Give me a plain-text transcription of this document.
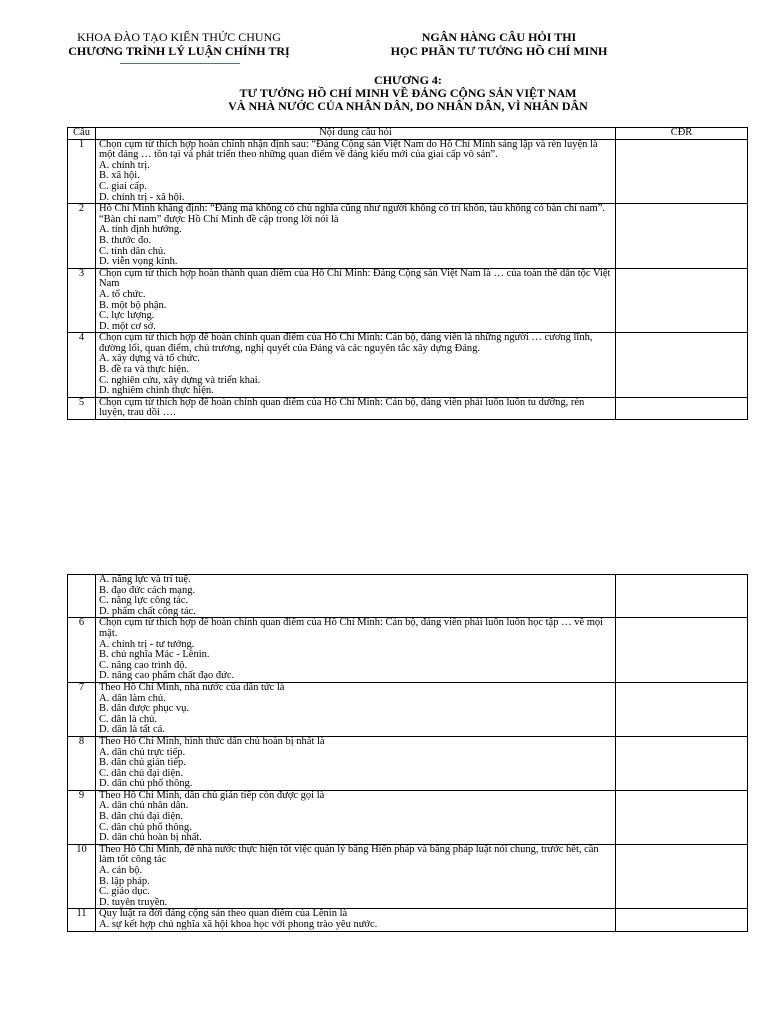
KHOA ĐÀO TẠO KIẾN THỨC CHUNG
CHƯƠNG TRÌNH LÝ LUẬN CHÍNH TRỊ
NGÂN HÀNG CÂU HỎI THI
HỌC PHẦN TƯ TƯỞNG HỒ CHÍ MINH
CHƯƠNG 4:
TƯ TƯỞNG HỒ CHÍ MINH VỀ ĐẢNG CỘNG SẢN VIỆT NAM
VÀ NHÀ NƯỚC CỦA NHÂN DÂN, DO NHÂN DÂN, VÌ NHÂN DÂN
Câu	Nội dung câu hỏi	CĐR
1	Chọn cụm từ thích hợp hoàn chỉnh nhận định sau: “Đảng Cộng sản Việt Nam do Hồ Chí Minh sáng lập và rèn luyện là một đảng … tồn tại và phát triển theo những quan điểm về đảng kiểu mới của giai cấp vô sản”.
A. chính trị.
B. xã hội.
C. giai cấp.
D. chính trị - xã hội.	

2	Hồ Chí Minh khẳng định: “Đảng mà không có chủ nghĩa cũng như người không có trí khôn, tàu không có bàn chỉ nam”. “Bàn chỉ nam” được Hồ Chí Minh đề cập trong lời nói là
A. tính định hướng.
B. thước đo.
C. tính dân chủ.
D. viễn vọng kính.	

3	Chọn cụm từ thích hợp hoàn thành quan điểm của Hồ Chí Minh: Đảng Cộng sản Việt Nam là … của toàn thể dân tộc Việt Nam
A. tổ chức.
B. một bộ phận.
C. lực lượng.
D. một cơ sở.	

4	Chọn cụm từ thích hợp để hoàn chỉnh quan điểm của Hồ Chí Minh: Cán bộ, đảng viên là những người … cương lĩnh, đường lối, quan điểm, chủ trương, nghị quyết của Đảng và các nguyên tắc xây dựng Đảng.
A. xây dựng và tổ chức.
B. đề ra và thực hiện.
C. nghiên cứu, xây dựng và triển khai.
D. nghiêm chỉnh thực hiện.	

5	Chọn cụm từ thích hợp để hoàn chỉnh quan điểm của Hồ Chí Minh: Cán bộ, đảng viên phải luôn luôn tu dưỡng, rèn luyện, trau dồi ….	

	A. năng lực và trí tuệ.
B. đạo đức cách mạng.
C. năng lực công tác.
D. phẩm chất công tác.	

6	Chọn cụm từ thích hợp để hoàn chỉnh quan điểm của Hồ Chí Minh: Cán bộ, đảng viên phải luôn luôn học tập … về mọi mặt.
A. chính trị - tư tưởng.
B. chủ nghĩa Mác - Lênin.
C. nâng cao trình độ.
D. nâng cao phẩm chất đạo đức.	

7	Theo Hồ Chí Minh, nhà nước của dân tức là
A. dân làm chủ.
B. dân được phục vụ.
C. dân là chủ.
D. dân là tất cả.	

8	Theo Hồ Chí Minh, hình thức dân chủ hoàn bị nhất là
A. dân chủ trực tiếp.
B. dân chủ gián tiếp.
C. dân chủ đại diện.
D. dân chủ phổ thông.	

9	Theo Hồ Chí Minh, dân chủ gián tiếp còn được gọi là
A. dân chủ nhân dân.
B. dân chủ đại diện.
C. dân chủ phổ thông.
D. dân chủ hoàn bị nhất.	

10	Theo Hồ Chí Minh, để nhà nước thực hiện tốt việc quản lý bằng Hiến pháp và bằng pháp luật nói chung, trước hết, cần làm tốt công tác
A. cán bộ.
B. lập pháp.
C. giáo dục.
D. tuyên truyền.	

11	Quy luật ra đời đảng cộng sản theo quan điểm của Lênin là
A. sự kết hợp chủ nghĩa xã hội khoa học với phong trào yêu nước.	
